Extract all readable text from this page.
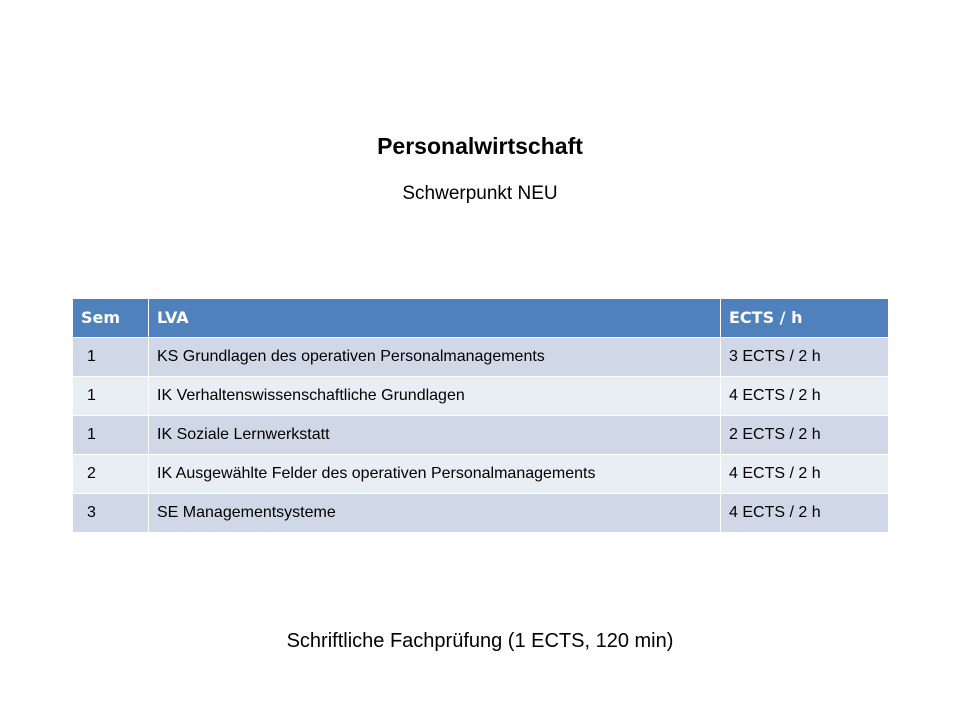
Personalwirtschaft
Schwerpunkt NEU
Sem	LVA	ECTS / h
1	KS Grundlagen des operativen Personalmanagements	3 ECTS / 2 h
1	IK Verhaltenswissenschaftliche Grundlagen	4 ECTS / 2 h
1	IK Soziale Lernwerkstatt	2 ECTS / 2 h
2	IK Ausgewählte Felder des operativen Personalmanagements	4 ECTS / 2 h
3	SE Managementsysteme	4 ECTS / 2 h
Schriftliche Fachprüfung (1 ECTS, 120 min)
